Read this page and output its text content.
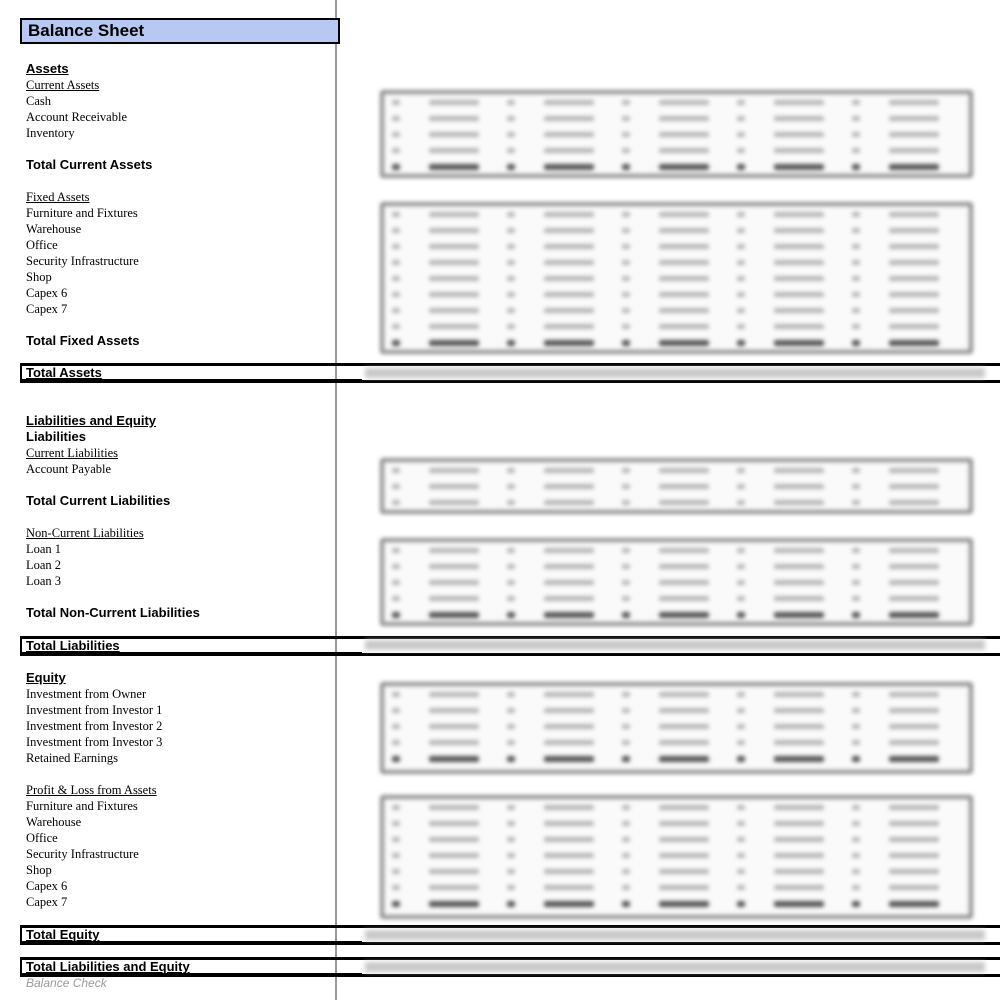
Balance Sheet
Assets
Current Assets
Cash
Account Receivable
Inventory
Total Current Assets
Fixed Assets
Furniture and Fixtures
Warehouse
Office
Security Infrastructure
Shop
Capex 6
Capex 7
Total Fixed Assets
Total Assets
Liabilities and Equity
Liabilities
Current Liabilities
Account Payable
Total Current Liabilities
Non-Current Liabilities
Loan 1
Loan 2
Loan 3
Total Non-Current Liabilities
Total Liabilities
Equity
Investment from Owner
Investment from Investor 1
Investment from Investor 2
Investment from Investor 3
Retained Earnings
Profit & Loss from Assets
Furniture and Fixtures
Warehouse
Office
Security Infrastructure
Shop
Capex 6
Capex 7
Total Equity
Total Liabilities and Equity
Balance Check
